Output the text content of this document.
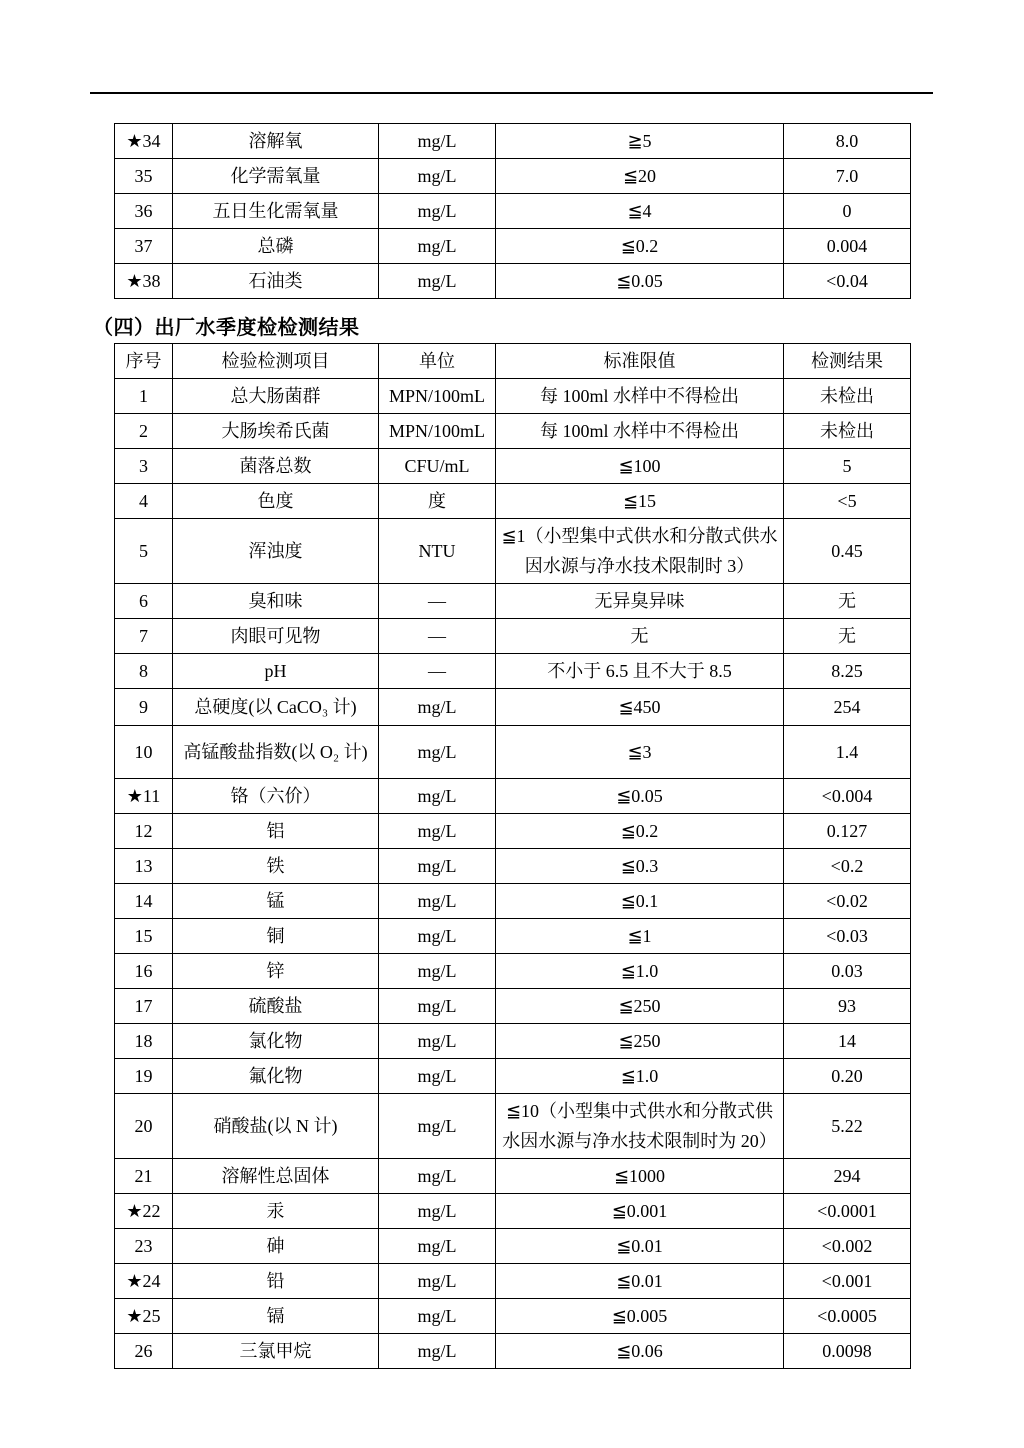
★34	溶解氧	mg/L	≧5	8.0
35	化学需氧量	mg/L	≦20	7.0
36	五日生化需氧量	mg/L	≦4	0
37	总磷	mg/L	≦0.2	0.004
★38	石油类	mg/L	≦0.05	<0.04
（四）出厂水季度检检测结果
序号	检验检测项目	单位	标准限值	检测结果
1	总大肠菌群	MPN/100mL	每 100ml 水样中不得检出	未检出
2	大肠埃希氏菌	MPN/100mL	每 100ml 水样中不得检出	未检出
3	菌落总数	CFU/mL	≦100	5
4	色度	度	≦15	<5
5	浑浊度	NTU	≦1（小型集中式供水和分散式供水因水源与净水技术限制时 3）	0.45
6	臭和味	—	无异臭异味	无
7	肉眼可见物	—	无	无
8	pH	—	不小于 6.5 且不大于 8.5	8.25
9	总硬度(以 CaCO₃ 计)	mg/L	≦450	254
10	高锰酸盐指数(以 O₂ 计)	mg/L	≦3	1.4
★11	铬（六价）	mg/L	≦0.05	<0.004
12	铝	mg/L	≦0.2	0.127
13	铁	mg/L	≦0.3	<0.2
14	锰	mg/L	≦0.1	<0.02
15	铜	mg/L	≦1	<0.03
16	锌	mg/L	≦1.0	0.03
17	硫酸盐	mg/L	≦250	93
18	氯化物	mg/L	≦250	14
19	氟化物	mg/L	≦1.0	0.20
20	硝酸盐(以 N 计)	mg/L	≦10（小型集中式供水和分散式供水因水源与净水技术限制时为 20）	5.22
21	溶解性总固体	mg/L	≦1000	294
★22	汞	mg/L	≦0.001	<0.0001
23	砷	mg/L	≦0.01	<0.002
★24	铅	mg/L	≦0.01	<0.001
★25	镉	mg/L	≦0.005	<0.0005
26	三氯甲烷	mg/L	≦0.06	0.0098
